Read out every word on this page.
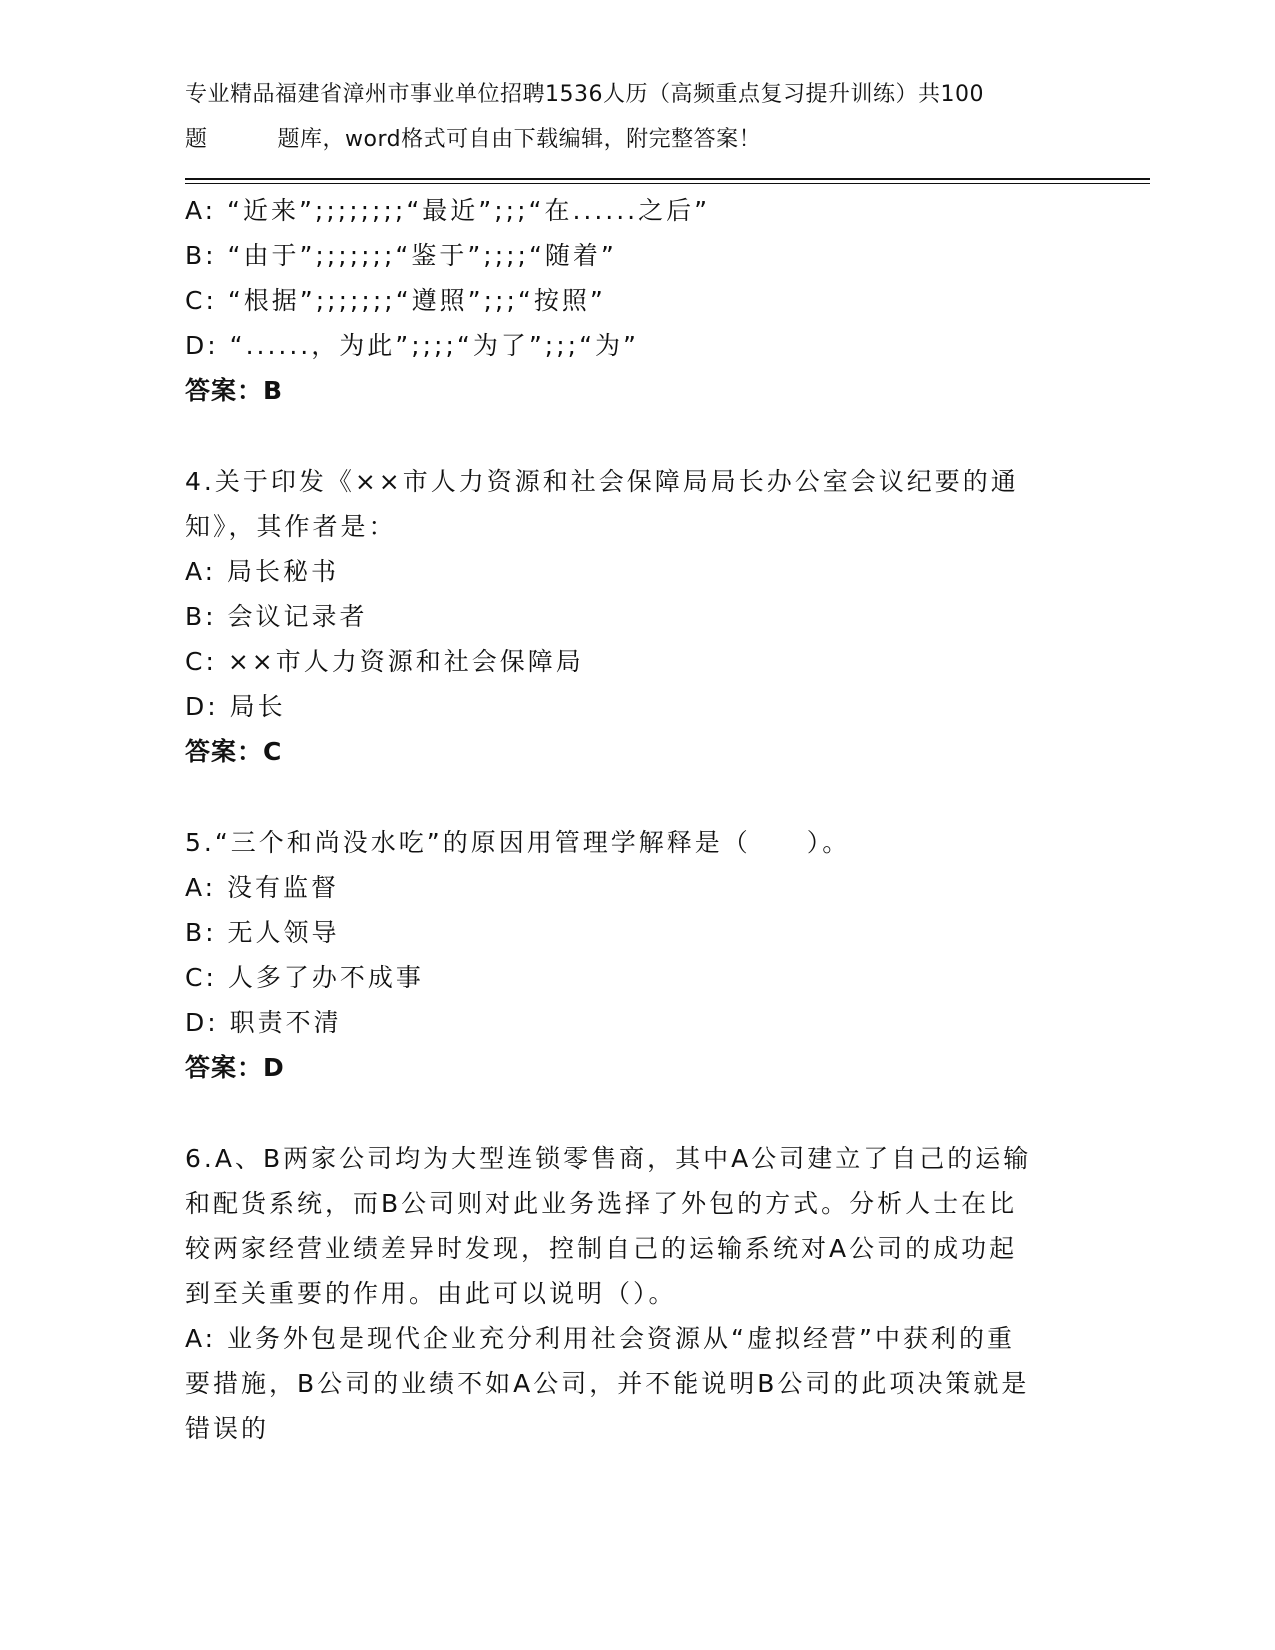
专业精品福建省漳州市事业单位招聘1536人历（高频重点复习提升训练）共100
题	题库，word格式可自由下载编辑，附完整答案！
A: “近来”;;;;;;;;“最近”;;;“在......之后”
B: “由于”;;;;;;;“鉴于”;;;;“随着”
C: “根据”;;;;;;;“遵照”;;;“按照”
D: “......，为此”;;;;“为了”;;;“为”
答案：B
4.关于印发《××市人力资源和社会保障局局长办公室会议纪要的通
知》，其作者是：
A: 局长秘书
B: 会议记录者
C: ××市人力资源和社会保障局
D: 局长
答案：C
5.“三个和尚没水吃”的原因用管理学解释是（　　）。
A: 没有监督
B: 无人领导
C: 人多了办不成事
D: 职责不清
答案：D
6.A、B两家公司均为大型连锁零售商，其中A公司建立了自己的运输
和配货系统，而B公司则对此业务选择了外包的方式。分析人士在比
较两家经营业绩差异时发现，控制自己的运输系统对A公司的成功起
到至关重要的作用。由此可以说明（）。
A: 业务外包是现代企业充分利用社会资源从“虚拟经营”中获利的重
要措施，B公司的业绩不如A公司，并不能说明B公司的此项决策就是
错误的
